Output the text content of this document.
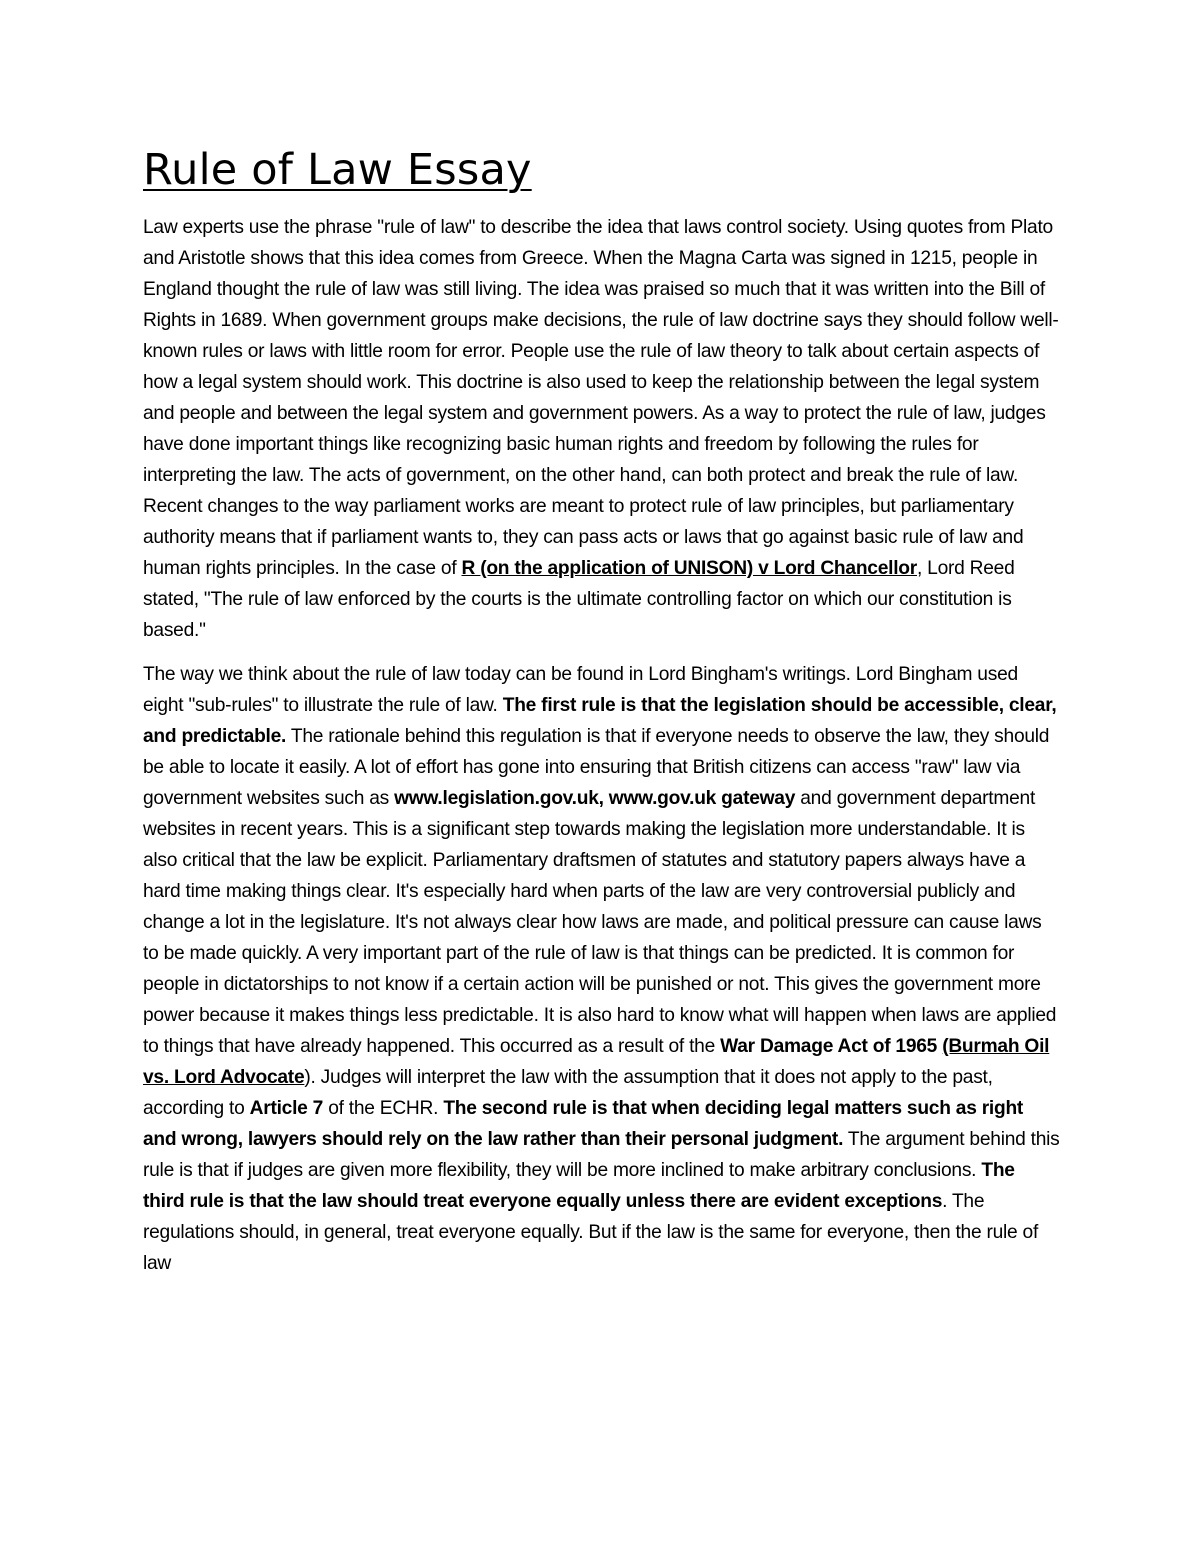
Rule of Law Essay

Law experts use the phrase "rule of law" to describe the idea that laws control society. Using quotes from Plato and Aristotle shows that this idea comes from Greece. When the Magna Carta was signed in 1215, people in England thought the rule of law was still living. The idea was praised so much that it was written into the Bill of Rights in 1689. When government groups make decisions, the rule of law doctrine says they should follow well-known rules or laws with little room for error. People use the rule of law theory to talk about certain aspects of how a legal system should work. This doctrine is also used to keep the relationship between the legal system and people and between the legal system and government powers. As a way to protect the rule of law, judges have done important things like recognizing basic human rights and freedom by following the rules for interpreting the law. The acts of government, on the other hand, can both protect and break the rule of law. Recent changes to the way parliament works are meant to protect rule of law principles, but parliamentary authority means that if parliament wants to, they can pass acts or laws that go against basic rule of law and human rights principles. In the case of R (on the application of UNISON) v Lord Chancellor, Lord Reed stated, "The rule of law enforced by the courts is the ultimate controlling factor on which our constitution is based."

The way we think about the rule of law today can be found in Lord Bingham's writings. Lord Bingham used eight "sub-rules" to illustrate the rule of law. The first rule is that the legislation should be accessible, clear, and predictable. The rationale behind this regulation is that if everyone needs to observe the law, they should be able to locate it easily. A lot of effort has gone into ensuring that British citizens can access "raw" law via government websites such as www.legislation.gov.uk, www.gov.uk gateway and government department websites in recent years. This is a significant step towards making the legislation more understandable. It is also critical that the law be explicit. Parliamentary draftsmen of statutes and statutory papers always have a hard time making things clear. It's especially hard when parts of the law are very controversial publicly and change a lot in the legislature. It's not always clear how laws are made, and political pressure can cause laws to be made quickly. A very important part of the rule of law is that things can be predicted. It is common for people in dictatorships to not know if a certain action will be punished or not. This gives the government more power because it makes things less predictable. It is also hard to know what will happen when laws are applied to things that have already happened. This occurred as a result of the War Damage Act of 1965 (Burmah Oil vs. Lord Advocate). Judges will interpret the law with the assumption that it does not apply to the past, according to Article 7 of the ECHR. The second rule is that when deciding legal matters such as right and wrong, lawyers should rely on the law rather than their personal judgment. The argument behind this rule is that if judges are given more flexibility, they will be more inclined to make arbitrary conclusions. The third rule is that the law should treat everyone equally unless there are evident exceptions. The regulations should, in general, treat everyone equally. But if the law is the same for everyone, then the rule of law
